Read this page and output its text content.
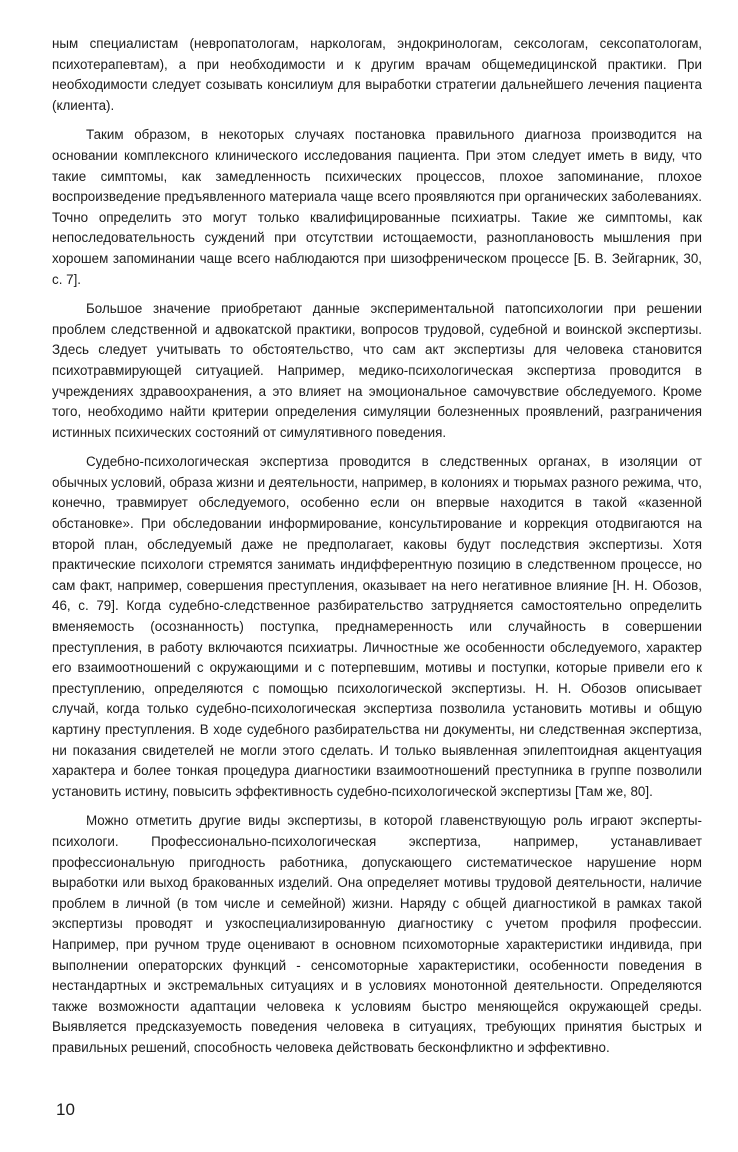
ным специалистам (невропатологам, наркологам, эндокринологам, сексологам, сексопатологам, психотерапевтам), а при необходимости и к другим врачам общемедицинской практики. При необходимости следует созывать консилиум для выработки стратегии дальнейшего лечения пациента (клиента).

Таким образом, в некоторых случаях постановка правильного диагноза производится на основании комплексного клинического исследования пациента. При этом следует иметь в виду, что такие симптомы, как замедленность психических процессов, плохое запоминание, плохое воспроизведение предъявленного материала чаще всего проявляются при органических заболеваниях. Точно определить это могут только квалифицированные психиатры. Такие же симптомы, как непоследовательность суждений при отсутствии истощаемости, разноплановость мышления при хорошем запоминании чаще всего наблюдаются при шизофреническом процессе [Б. В. Зейгарник, 30, с. 7].

Большое значение приобретают данные экспериментальной патопсихологии при решении проблем следственной и адвокатской практики, вопросов трудовой, судебной и воинской экспертизы. Здесь следует учитывать то обстоятельство, что сам акт экспертизы для человека становится психотравмирующей ситуацией. Например, медико-психологическая экспертиза проводится в учреждениях здравоохранения, а это влияет на эмоциональное самочувствие обследуемого. Кроме того, необходимо найти критерии определения симуляции болезненных проявлений, разграничения истинных психических состояний от симулятивного поведения.

Судебно-психологическая экспертиза проводится в следственных органах, в изоляции от обычных условий, образа жизни и деятельности, например, в колониях и тюрьмах разного режима, что, конечно, травмирует обследуемого, особенно если он впервые находится в такой «казенной обстановке». При обследовании информирование, консультирование и коррекция отодвигаются на второй план, обследуемый даже не предполагает, каковы будут последствия экспертизы. Хотя практические психологи стремятся занимать индифферентную позицию в следственном процессе, но сам факт, например, совершения преступления, оказывает на него негативное влияние [Н. Н. Обозов, 46, с. 79]. Когда судебно-следственное разбирательство затрудняется самостоятельно определить вменяемость (осознанность) поступка, преднамеренность или случайность в совершении преступления, в работу включаются психиатры. Личностные же особенности обследуемого, характер его взаимоотношений с окружающими и с потерпевшим, мотивы и поступки, которые привели его к преступлению, определяются с помощью психологической экспертизы. Н. Н. Обозов описывает случай, когда только судебно-психологическая экспертиза позволила установить мотивы и общую картину преступления. В ходе судебного разбирательства ни документы, ни следственная экспертиза, ни показания свидетелей не могли этого сделать. И только выявленная эпилептоидная акцентуация характера и более тонкая процедура диагностики взаимоотношений преступника в группе позволили установить истину, повысить эффективность судебно-психологической экспертизы [Там же, 80].

Можно отметить другие виды экспертизы, в которой главенствующую роль играют эксперты-психологи. Профессионально-психологическая экспертиза, например, устанавливает профессиональную пригодность работника, допускающего систематическое нарушение норм выработки или выход бракованных изделий. Она определяет мотивы трудовой деятельности, наличие проблем в личной (в том числе и семейной) жизни. Наряду с общей диагностикой в рамках такой экспертизы проводят и узкоспециализированную диагностику с учетом профиля профессии. Например, при ручном труде оценивают в основном психомоторные характеристики индивида, при выполнении операторских функций - сенсомоторные характеристики, особенности поведения в нестандартных и экстремальных ситуациях и в условиях монотонной деятельности. Определяются также возможности адаптации человека к условиям быстро меняющейся окружающей среды. Выявляется предсказуемость поведения человека в ситуациях, требующих принятия быстрых и правильных решений, способность человека действовать бесконфликтно и эффективно.

10
